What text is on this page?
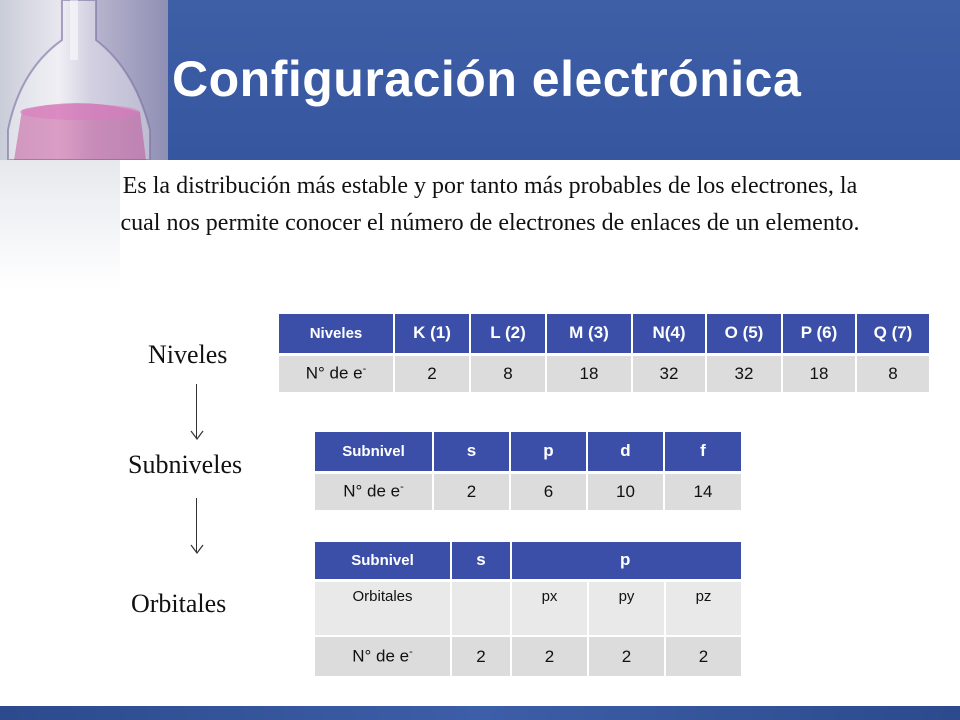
Configuración electrónica
Es la distribución más estable y por tanto más probables de los electrones, la cual nos permite conocer el número de electrones de enlaces de un elemento.
Niveles
Subniveles
Orbitales
Niveles	K (1)	L (2)	M (3)	N(4)	O (5)	P (6)	Q (7)
N° de e-	2	8	18	32	32	18	8
Subnivel	s	p	d	f
N° de e-	2	6	10	14
Subnivel	s	p		
Orbitales		px	py	pz
N° de e-	2	2	2	2
